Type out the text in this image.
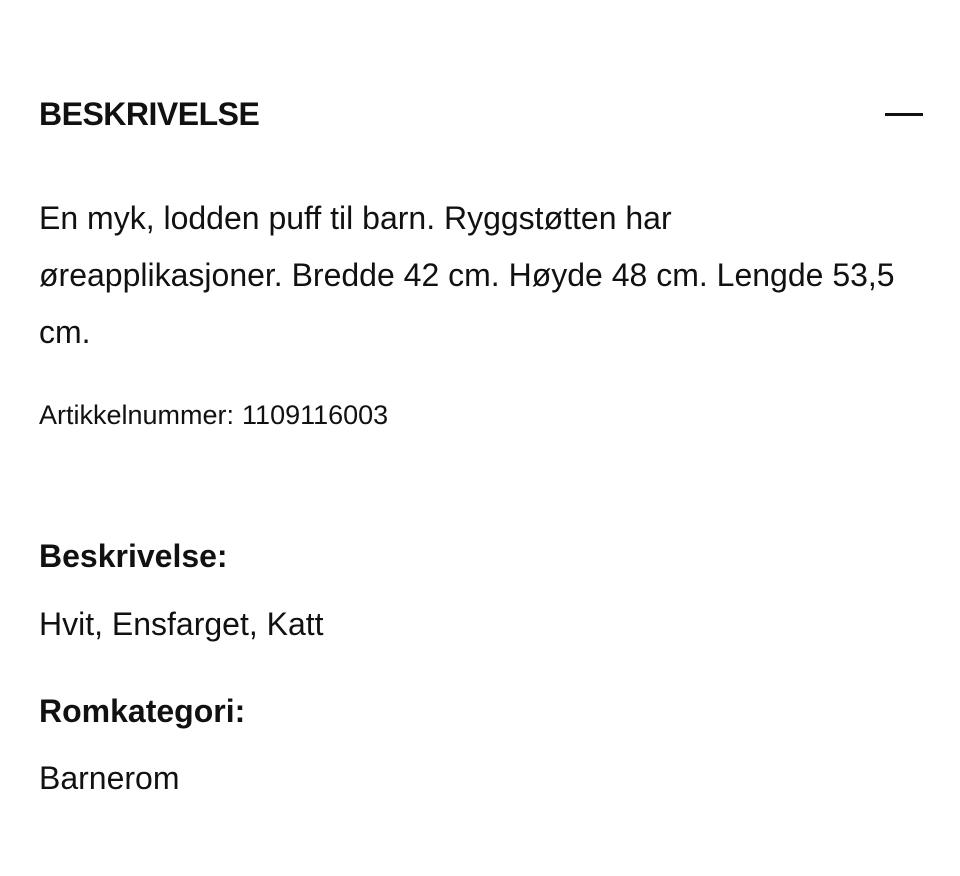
BESKRIVELSE

En myk, lodden puff til barn. Ryggstøtten har øreapplikasjoner. Bredde 42 cm. Høyde 48 cm. Lengde 53,5 cm.

Artikkelnummer: 1109116003
Beskrivelse:
Hvit, Ensfarget, Katt
Romkategori:
Barnerom
